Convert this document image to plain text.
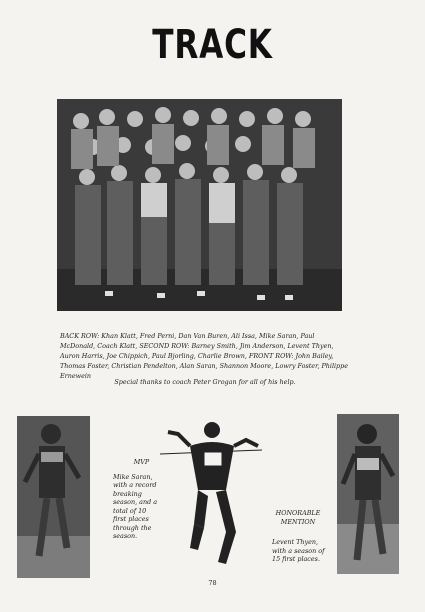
TRACK
BACK ROW: Khan Klatt, Fred Perni, Dan Van Buren, Ali Issa, Mike Saran, Paul McDonald, Coach Klatt, SECOND ROW: Barney Smith, Jim Anderson, Levent Thyen, Auron Harris, Joe Chippich, Paul Bjorling, Charlie Brown, FRONT ROW: John Bailey, Thomas Foster, Christian Pendelton, Alan Saran, Shannon Moore, Lowry Foster, Philippe Ernewein
Special thanks to coach Peter Grogan for all of his help.
MVP
Mike Saran, with a record breaking season, and a total of 10 first places through the season.
HONORABLE MENTION
Levent Thyen, with a season of 15 first places.
78
